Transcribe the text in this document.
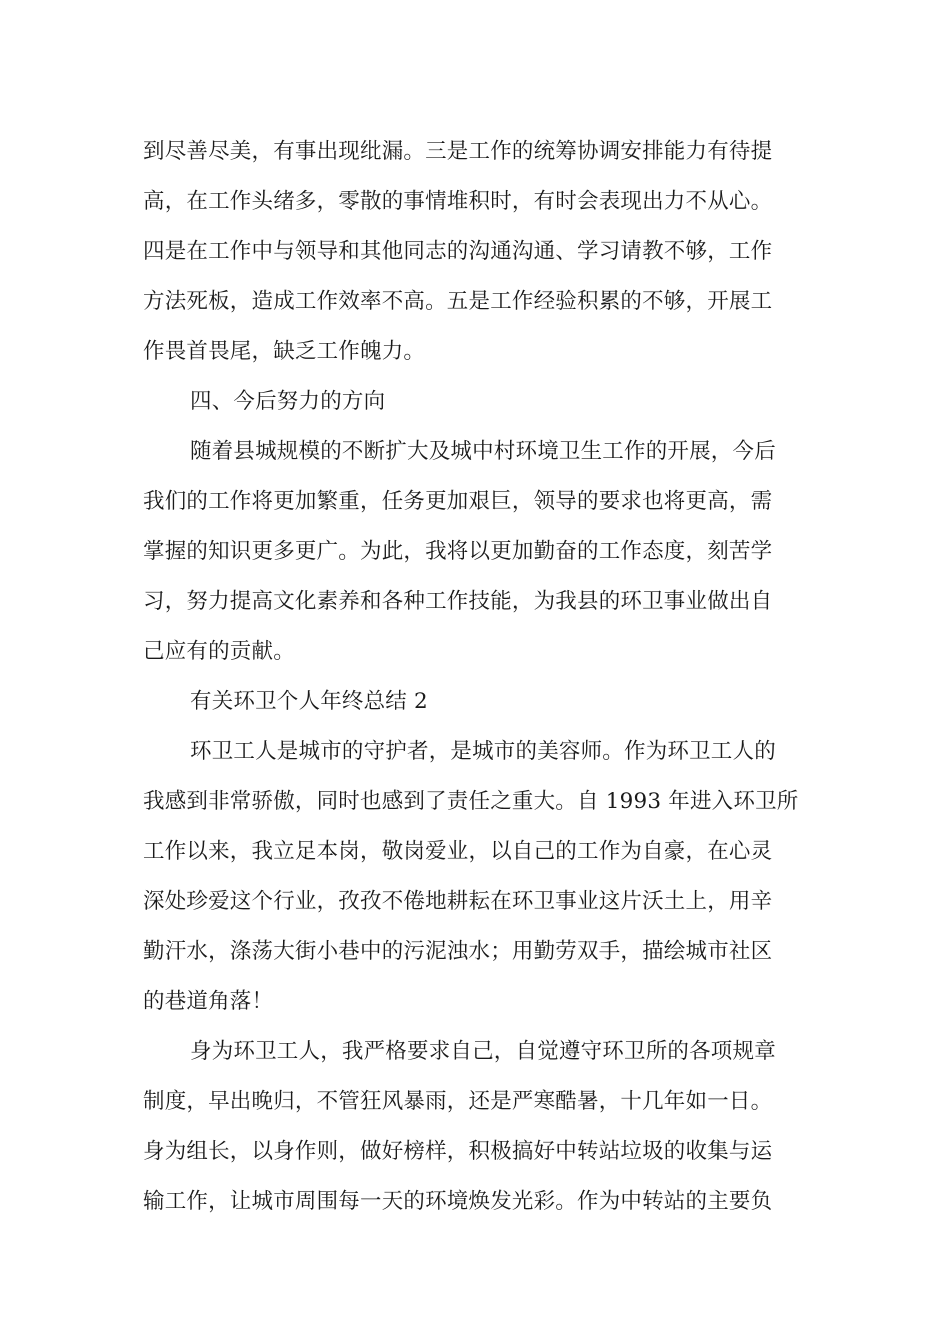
到尽善尽美，有事出现纰漏。三是工作的统筹协调安排能力有待提
高，在工作头绪多，零散的事情堆积时，有时会表现出力不从心。
四是在工作中与领导和其他同志的沟通沟通、学习请教不够，工作
方法死板，造成工作效率不高。五是工作经验积累的不够，开展工
作畏首畏尾，缺乏工作魄力。
四、今后努力的方向
随着县城规模的不断扩大及城中村环境卫生工作的开展，今后
我们的工作将更加繁重，任务更加艰巨，领导的要求也将更高，需
掌握的知识更多更广。为此，我将以更加勤奋的工作态度，刻苦学
习，努力提高文化素养和各种工作技能，为我县的环卫事业做出自
己应有的贡献。
有关环卫个人年终总结 2
环卫工人是城市的守护者，是城市的美容师。作为环卫工人的
我感到非常骄傲，同时也感到了责任之重大。自 1993 年进入环卫所
工作以来，我立足本岗，敬岗爱业，以自己的工作为自豪，在心灵
深处珍爱这个行业，孜孜不倦地耕耘在环卫事业这片沃土上，用辛
勤汗水，涤荡大街小巷中的污泥浊水；用勤劳双手，描绘城市社区
的巷道角落！
身为环卫工人，我严格要求自己，自觉遵守环卫所的各项规章
制度，早出晚归，不管狂风暴雨，还是严寒酷暑，十几年如一日。
身为组长，以身作则，做好榜样，积极搞好中转站垃圾的收集与运
输工作，让城市周围每一天的环境焕发光彩。作为中转站的主要负
